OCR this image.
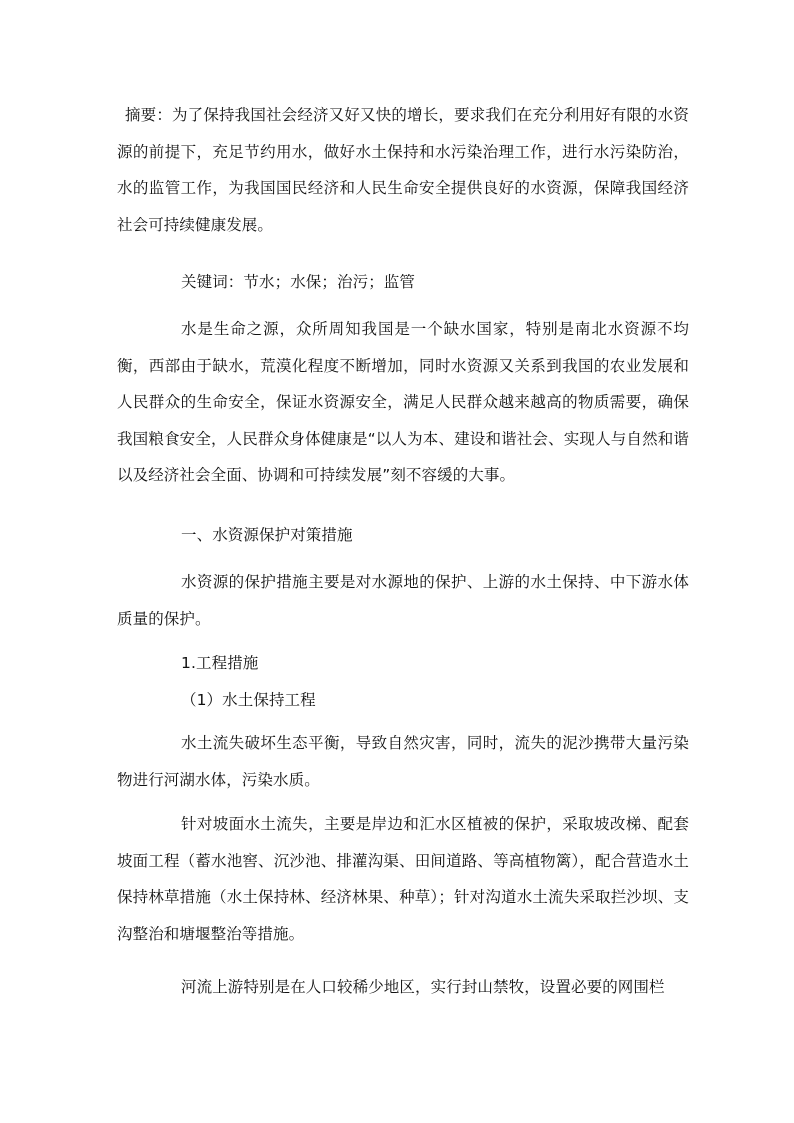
摘要：为了保持我国社会经济又好又快的增长，要求我们在充分利用好有限的水资源的前提下，充足节约用水，做好水土保持和水污染治理工作，进行水污染防治，水的监管工作，为我国国民经济和人民生命安全提供良好的水资源，保障我国经济社会可持续健康发展。

关键词：节水；水保；治污；监管

水是生命之源，众所周知我国是一个缺水国家，特别是南北水资源不均衡，西部由于缺水，荒漠化程度不断增加，同时水资源又关系到我国的农业发展和人民群众的生命安全，保证水资源安全，满足人民群众越来越高的物质需要，确保我国粮食安全，人民群众身体健康是“以人为本、建设和谐社会、实现人与自然和谐以及经济社会全面、协调和可持续发展”刻不容缓的大事。

一、水资源保护对策措施

水资源的保护措施主要是对水源地的保护、上游的水土保持、中下游水体质量的保护。

1.工程措施

（1）水土保持工程

水土流失破坏生态平衡，导致自然灾害，同时，流失的泥沙携带大量污染物进行河湖水体，污染水质。

针对坡面水土流失，主要是岸边和汇水区植被的保护，采取坡改梯、配套坡面工程（蓄水池窖、沉沙池、排灌沟渠、田间道路、等高植物篱），配合营造水土保持林草措施（水土保持林、经济林果、种草）；针对沟道水土流失采取拦沙坝、支沟整治和塘堰整治等措施。

河流上游特别是在人口较稀少地区，实行封山禁牧，设置必要的网围栏
